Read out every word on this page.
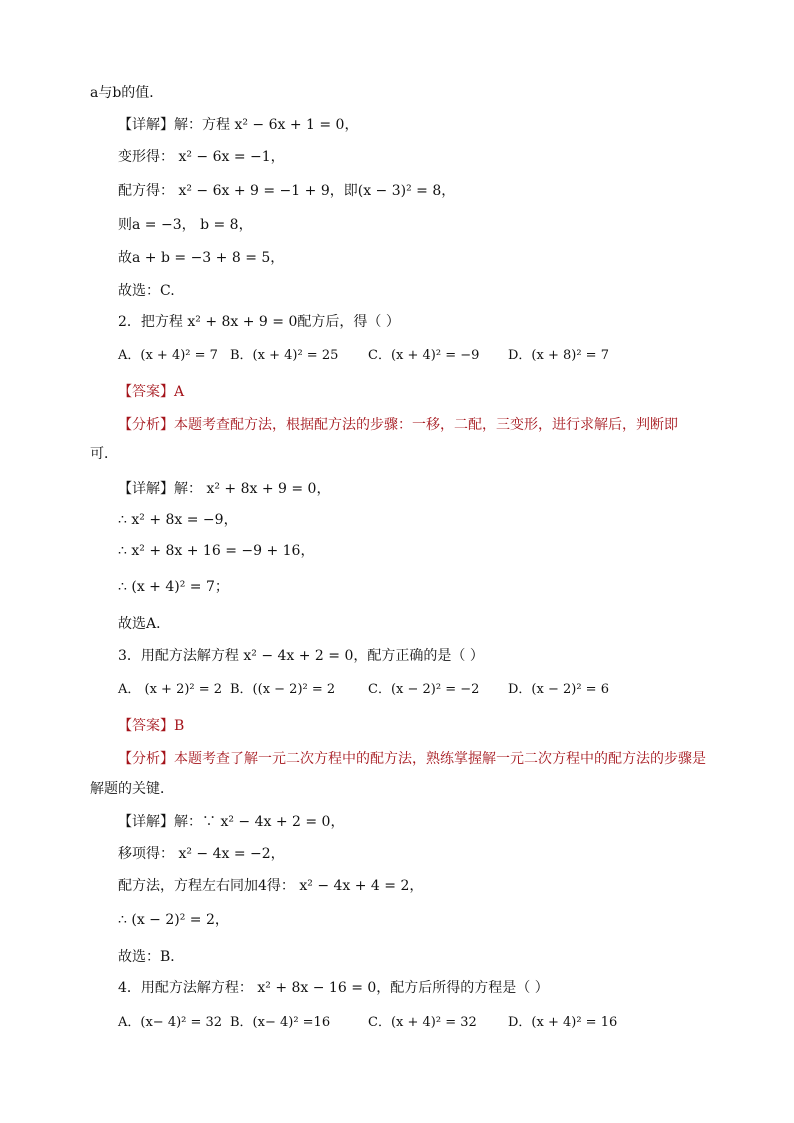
a与b的值．
【详解】解：方程 x² − 6x + 1 = 0，
变形得： x² − 6x = −1，
配方得： x² − 6x + 9 = −1 + 9，即(x − 3)² = 8，
则a = −3， b = 8，
故a + b = −3 + 8 = 5，
故选：C.
2．把方程 x² + 8x + 9 = 0配方后，得（ ）
A．(x + 4)² = 7 B．(x + 4)² = 25 C．(x + 4)² = −9 D．(x + 8)² = 7
【答案】A
【分析】本题考查配方法，根据配方法的步骤：一移，二配，三变形，进行求解后，判断即
可．
【详解】解： x² + 8x + 9 = 0，
∴ x² + 8x = −9，
∴ x² + 8x + 16 = −9 + 16，
∴ (x + 4)² = 7；
故选A．
3．用配方法解方程 x² − 4x + 2 = 0，配方正确的是（ ）
A． (x + 2)² = 2 B．((x − 2)² = 2	C．(x − 2)² = −2 D．(x − 2)² = 6
【答案】B
【分析】本题考查了解一元二次方程中的配方法，熟练掌握解一元二次方程中的配方法的步骤是
解题的关键．
【详解】解：∵ x² − 4x + 2 = 0，
移项得： x² − 4x = −2，
配方法，方程左右同加4得： x² − 4x + 4 = 2，
∴ (x − 2)² = 2，
故选：B．
4．用配方法解方程： x² + 8x − 16 = 0，配方后所得的方程是（ ）
A．(x− 4)² = 32 B．(x− 4)² =16	C．(x + 4)² = 32 D．(x + 4)² = 16
